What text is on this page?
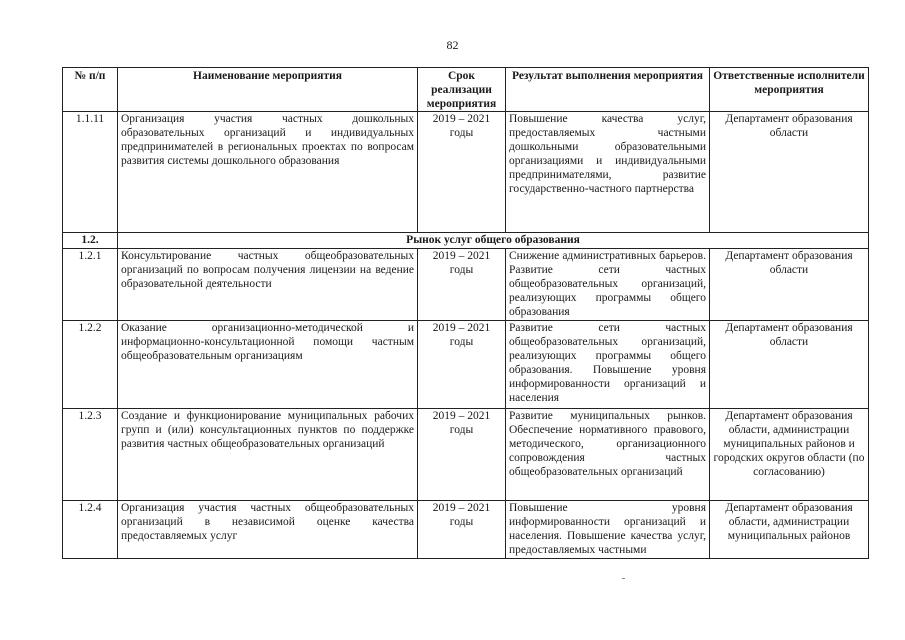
82
№ п/п	Наименование мероприятия	Срок реализации мероприятия	Результат выполнения мероприятия	Ответственные исполнители мероприятия
1.1.11	Организация участия частных дошкольных образовательных организаций и индивидуальных предпринимателей в региональных проектах по вопросам развития системы дошкольного образования	2019 – 2021 годы	Повышение качества услуг, предоставляемых частными дошкольными образовательными организациями и индивидуальными предпринимателями, развитие государственно-частного партнерства	Департамент образования области
1.2.	Рынок услуг общего образования			
1.2.1	Консультирование частных общеобразовательных организаций по вопросам получения лицензии на ведение образовательной деятельности	2019 – 2021 годы	Снижение административных барьеров. Развитие сети частных общеобразовательных организаций, реализующих программы общего образования	Департамент образования области
1.2.2	Оказание организационно-методической и информационно-консультационной помощи частным общеобразовательным организациям	2019 – 2021 годы	Развитие сети частных общеобразовательных организаций, реализующих программы общего образования. Повышение уровня информированности организаций и населения	Департамент образования области
1.2.3	Создание и функционирование муниципальных рабочих групп и (или) консультационных пунктов по поддержке развития частных общеобразовательных организаций	2019 – 2021 годы	Развитие муниципальных рынков. Обеспечение нормативного правового, методического, организационного сопровождения частных общеобразовательных организаций	Департамент образования области, администрации муниципальных районов и городских округов области (по согласованию)
1.2.4	Организация участия частных общеобразовательных организаций в независимой оценке качества предоставляемых услуг	2019 – 2021 годы	Повышение уровня информированности организаций и населения. Повышение качества услуг, предоставляемых частными	Департамент образования области, администрации муниципальных районов
